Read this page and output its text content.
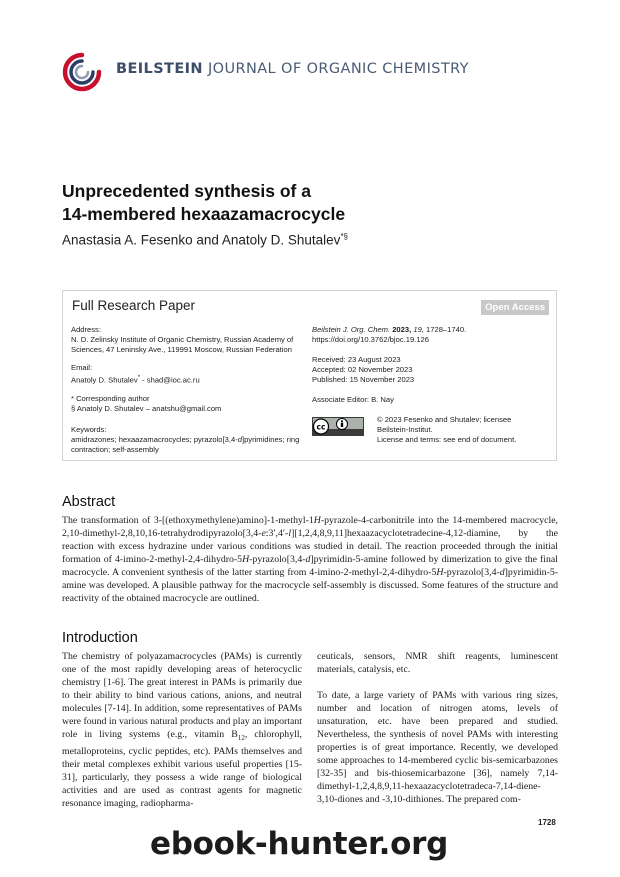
BEILSTEIN JOURNAL OF ORGANIC CHEMISTRY
Unprecedented synthesis of a
14-membered hexaazamacrocycle
Anastasia A. Fesenko and Anatoly D. Shutalev*§
Full Research Paper	Open Access
Address:
N. D. Zelinsky Institute of Organic Chemistry, Russian Academy of
Sciences, 47 Leninsky Ave., 119991 Moscow, Russian Federation
Email:
Anatoly D. Shutalev* - shad@ioc.ac.ru
* Corresponding author
§ Anatoly D. Shutalev – anatshu@gmail.com
Keywords:
amidrazones; hexaazamacrocycles; pyrazolo[3,4-d]pyrimidines; ring
contraction; self-assembly
Beilstein J. Org. Chem. 2023, 19, 1728–1740.
https://doi.org/10.3762/bjoc.19.126
Received: 23 August 2023
Accepted: 02 November 2023
Published: 15 November 2023
Associate Editor: B. Nay
cc
© 2023 Fesenko and Shutalev; licensee
Beilstein-Institut.
License and terms: see end of document.
Abstract
The transformation of 3-[(ethoxymethylene)amino]-1-methyl-1H-pyrazole-4-carbonitrile into the 14-membered macrocycle, 2,10-dimethyl-2,8,10,16-tetrahydrodipyrazolo[3,4-e:3′,4′-l][1,2,4,8,9,11]hexaazacyclotetradecine-4,12-diamine, by the reaction with excess hydrazine under various conditions was studied in detail. The reaction proceeded through the initial formation of 4-imino-2-methyl-2,4-dihydro-5H-pyrazolo[3,4-d]pyrimidin-5-amine followed by dimerization to give the final macrocycle. A convenient synthesis of the latter starting from 4-imino-2-methyl-2,4-dihydro-5H-pyrazolo[3,4-d]pyrimidin-5-amine was developed. A plausible pathway for the macrocycle self-assembly is discussed. Some features of the structure and reactivity of the obtained macrocycle are outlined.
Introduction
The chemistry of polyazamacrocycles (PAMs) is currently one of the most rapidly developing areas of heterocyclic chemistry [1-6]. The great interest in PAMs is primarily due to their ability to bind various cations, anions, and neutral molecules [7-14]. In addition, some representatives of PAMs were found in various natural products and play an important role in living systems (e.g., vitamin $B_{12}$, chlorophyll, metalloproteins, cyclic peptides, etc). PAMs themselves and their metal complexes exhibit various useful properties [15-31], particularly, they possess a wide range of biological activities and are used as contrast agents for magnetic resonance imaging, radiopharma-
ceuticals, sensors, NMR shift reagents, luminescent materials, catalysis, etc.
To date, a large variety of PAMs with various ring sizes, number and location of nitrogen atoms, levels of unsaturation, etc. have been prepared and studied. Nevertheless, the synthesis of novel PAMs with interesting properties is of great importance. Recently, we developed some approaches to 14-membered cyclic bis-semicarbazones [32-35] and bis-thiosemicarbazone [36], namely 7,14-dimethyl-1,2,4,8,9,11-hexaazacyclotetradeca-7,14-diene-3,10-diones and -3,10-dithiones. The prepared com-
1728
ebook-hunter.org
